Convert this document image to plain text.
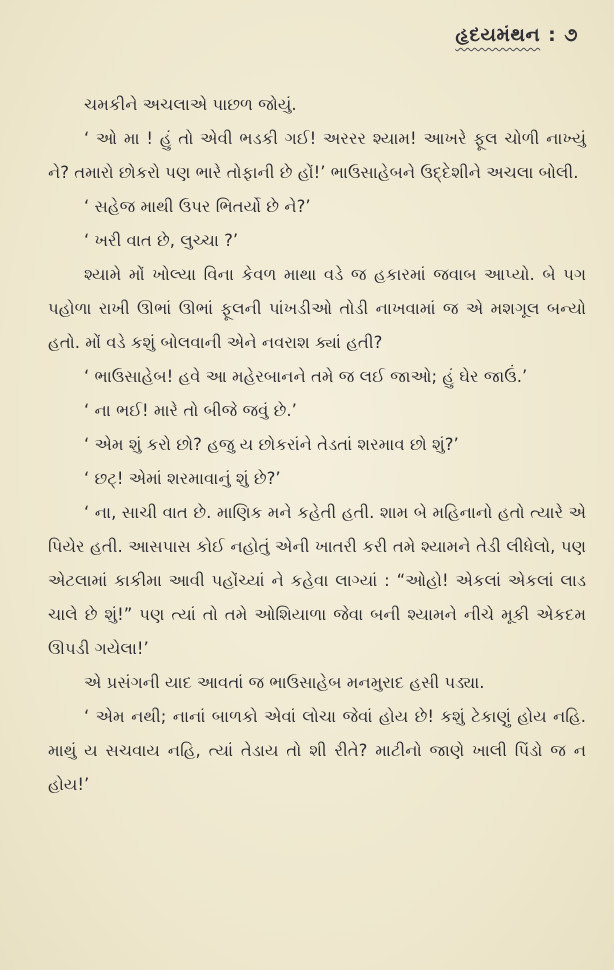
હૃદયમંથન : ૭

ચમકીને અચલાએ પાછળ જોયું.

‘ ઓ મા ! હું તો એવી ભડકી ગઈ! અરરર શ્યામ! આખરે ફૂલ ચોળી નાખ્યું ને? તમારો છોકરો પણ ભારે તોફાની છે હોં!’ ભાઉસાહેબને ઉદ્દેશીને અચલા બોલી.

‘ સહેજ માથી ઉપર ભિતર્યો છે ને?’

‘ ખરી વાત છે, લુચ્ચા ?’

શ્યામે મોં ખોલ્યા વિના કેવળ માથા વડે જ હકારમાં જવાબ આપ્યો. બે પગ પહોળા રાખી ઊભાં ઊભાં ફૂલની પાંખડીઓ તોડી નાખવામાં જ એ મશગૂલ બન્યો હતો. મોં વડે કશું બોલવાની એને નવરાશ ક્યાં હતી?

‘ ભાઉસાહેબ! હવે આ મહેરબાનને તમે જ લઈ જાઓ; હું ઘેર જાઉં.’

‘ ના ભઈ! મારે તો બીજે જવું છે.’

‘ એમ શું કરો છો? હજુ ય છોકરાંને તેડતાં શરમાવ છો શું?’

‘ છટ્! એમાં શરમાવાનું શું છે?’

‘ ના, સાચી વાત છે. માણિક મને કહેતી હતી. શામ બે મહિનાનો હતો ત્યારે એ પિયેર હતી. આસપાસ કોઈ નહોતું એની ખાતરી કરી તમે શ્યામને તેડી લીધેલો, પણ એટલામાં કાકીમા આવી પહોંચ્યાં ને કહેવા લાગ્યાં : “ઓહો! એકલાં એકલાં લાડ ચાલે છે શું!” પણ ત્યાં તો તમે ઓશિયાળા જેવા બની શ્યામને નીચે મૂકી એકદમ ઊપડી ગયેલા!’

એ પ્રસંગની યાદ આવતાં જ ભાઉસાહેબ મનમુરાદ હસી પડ્યા.

‘ એમ નથી; નાનાં બાળકો એવાં લોચા જેવાં હોય છે! કશું ટેકાણું હોય નહિ. માથું ય સચવાય નહિ, ત્યાં તેડાય તો શી રીતે? માટીનો જાણે ખાલી પિંડો જ ન હોય!’
